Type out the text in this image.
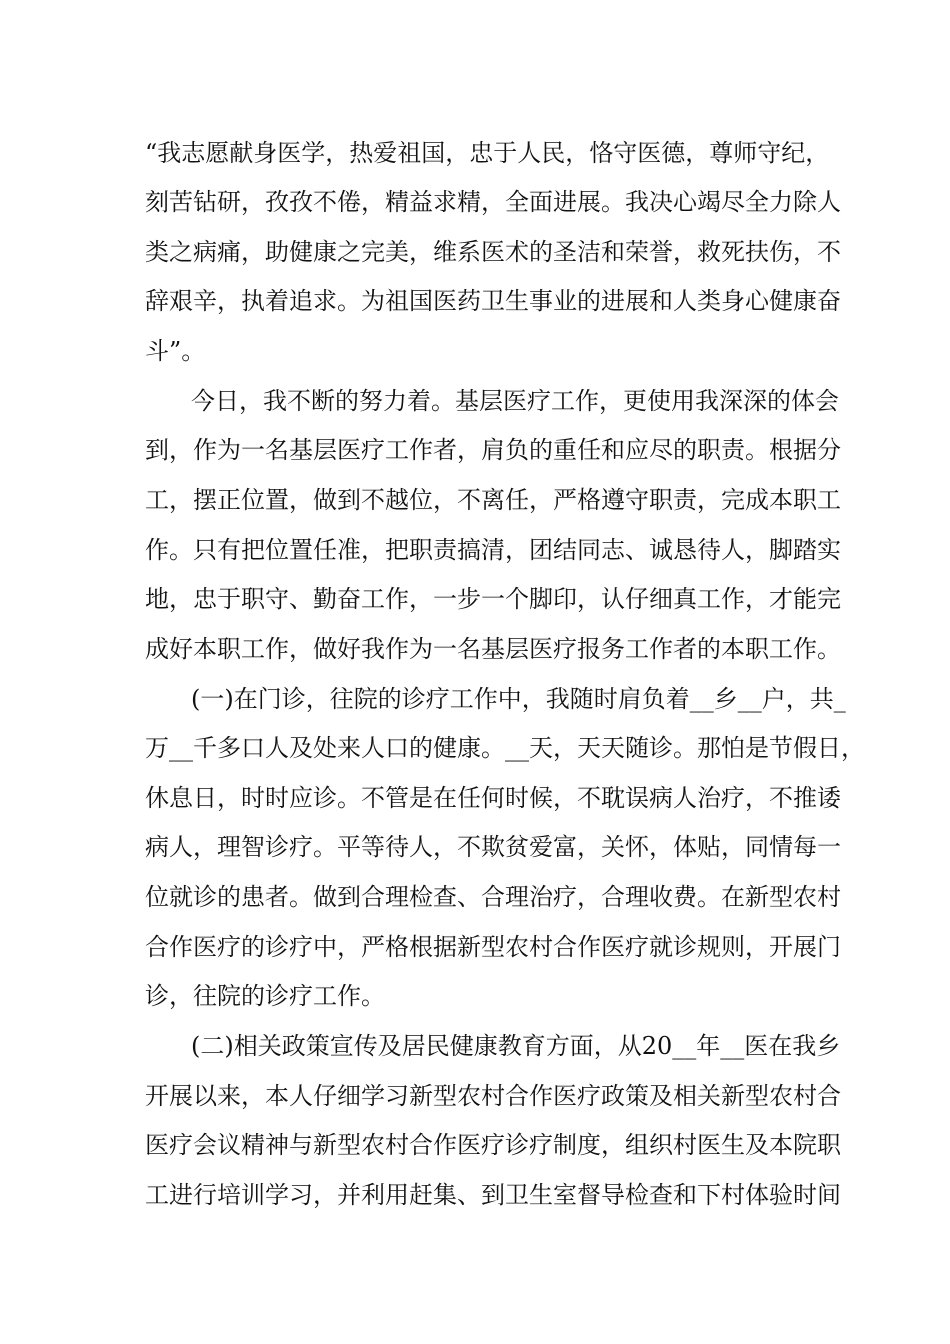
“我志愿献身医学，热爱祖国，忠于人民，恪守医德，尊师守纪，
刻苦钻研，孜孜不倦，精益求精，全面进展。我决心竭尽全力除人
类之病痛，助健康之完美，维系医术的圣洁和荣誉，救死扶伤，不
辞艰辛，执着追求。为祖国医药卫生事业的进展和人类身心健康奋
斗”。
今日，我不断的努力着。基层医疗工作，更使用我深深的体会
到，作为一名基层医疗工作者，肩负的重任和应尽的职责。根据分
工，摆正位置，做到不越位，不离任，严格遵守职责，完成本职工
作。只有把位置任准，把职责搞清，团结同志、诚恳待人，脚踏实
地，忠于职守、勤奋工作，一步一个脚印，认仔细真工作，才能完
成好本职工作，做好我作为一名基层医疗报务工作者的本职工作。
(一)在门诊，往院的诊疗工作中，我随时肩负着__乡__户，共_
万__千多口人及处来人口的健康。__天，天天随诊。那怕是节假日，
休息日，时时应诊。不管是在任何时候，不耽误病人治疗，不推诿
病人，理智诊疗。平等待人，不欺贫爱富，关怀，体贴，同情每一
位就诊的患者。做到合理检查、合理治疗，合理收费。在新型农村
合作医疗的诊疗中，严格根据新型农村合作医疗就诊规则，开展门
诊，往院的诊疗工作。
(二)相关政策宣传及居民健康教育方面，从20__年__医在我乡
开展以来，本人仔细学习新型农村合作医疗政策及相关新型农村合
医疗会议精神与新型农村合作医疗诊疗制度，组织村医生及本院职
工进行培训学习，并利用赶集、到卫生室督导检查和下村体验时间
